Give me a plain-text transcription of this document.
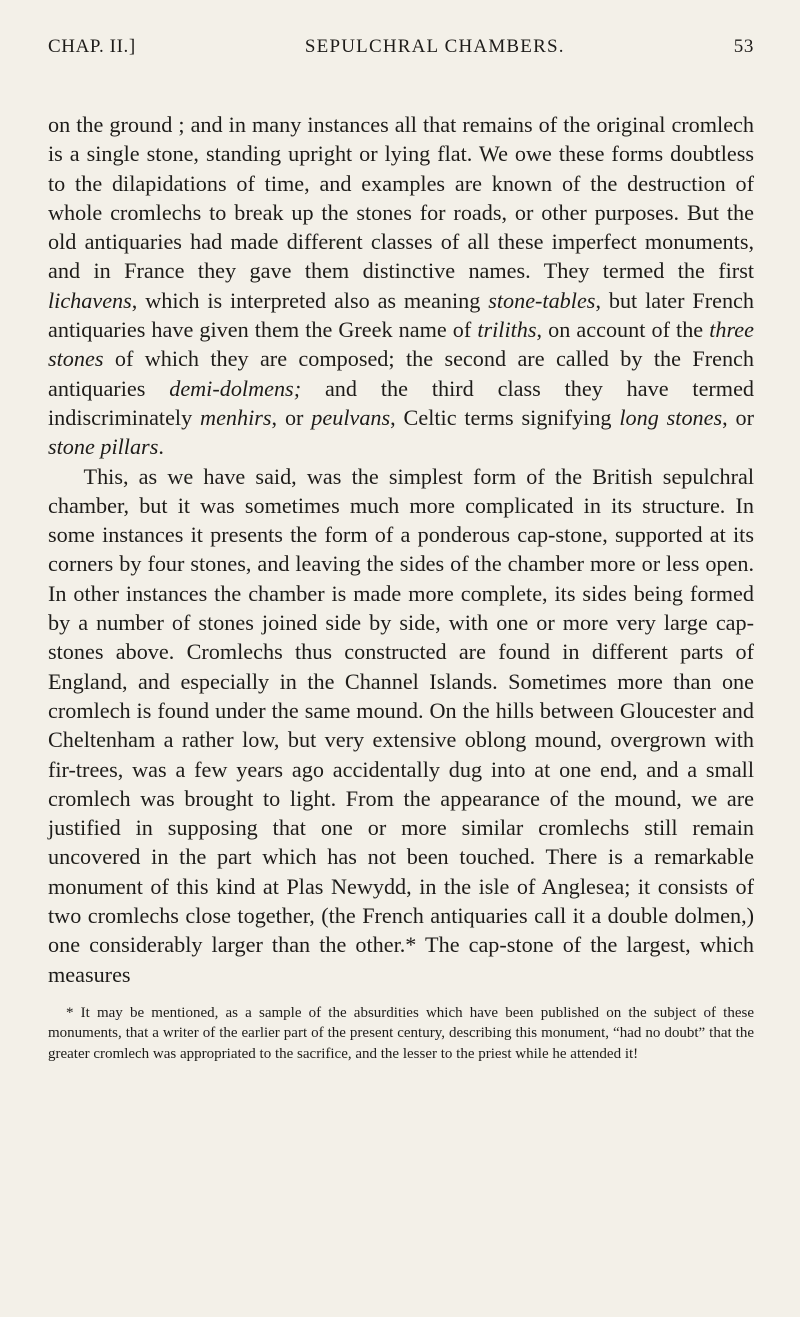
CHAP. II.]	SEPULCHRAL CHAMBERS.	53

on the ground ; and in many instances all that remains of the original cromlech is a single stone, standing upright or lying flat. We owe these forms doubtless to the dilapidations of time, and examples are known of the destruction of whole cromlechs to break up the stones for roads, or other purposes. But the old antiquaries had made different classes of all these imperfect monuments, and in France they gave them distinctive names. They termed the first lichavens, which is interpreted also as meaning stone-tables, but later French antiquaries have given them the Greek name of triliths, on account of the three stones of which they are composed; the second are called by the French antiquaries demi-dolmens; and the third class they have termed indiscriminately menhirs, or peulvans, Celtic terms signifying long stones, or stone pillars.

This, as we have said, was the simplest form of the British sepulchral chamber, but it was sometimes much more complicated in its structure. In some instances it presents the form of a ponderous cap-stone, supported at its corners by four stones, and leaving the sides of the chamber more or less open. In other instances the chamber is made more complete, its sides being formed by a number of stones joined side by side, with one or more very large cap-stones above. Cromlechs thus constructed are found in different parts of England, and especially in the Channel Islands. Sometimes more than one cromlech is found under the same mound. On the hills between Gloucester and Cheltenham a rather low, but very extensive oblong mound, overgrown with fir-trees, was a few years ago accidentally dug into at one end, and a small cromlech was brought to light. From the appearance of the mound, we are justified in supposing that one or more similar cromlechs still remain uncovered in the part which has not been touched. There is a remarkable monument of this kind at Plas Newydd, in the isle of Anglesea; it consists of two cromlechs close together, (the French antiquaries call it a double dolmen,) one considerably larger than the other.* The cap-stone of the largest, which measures

* It may be mentioned, as a sample of the absurdities which have been published on the subject of these monuments, that a writer of the earlier part of the present century, describing this monument, “had no doubt” that the greater cromlech was appropriated to the sacrifice, and the lesser to the priest while he attended it!
